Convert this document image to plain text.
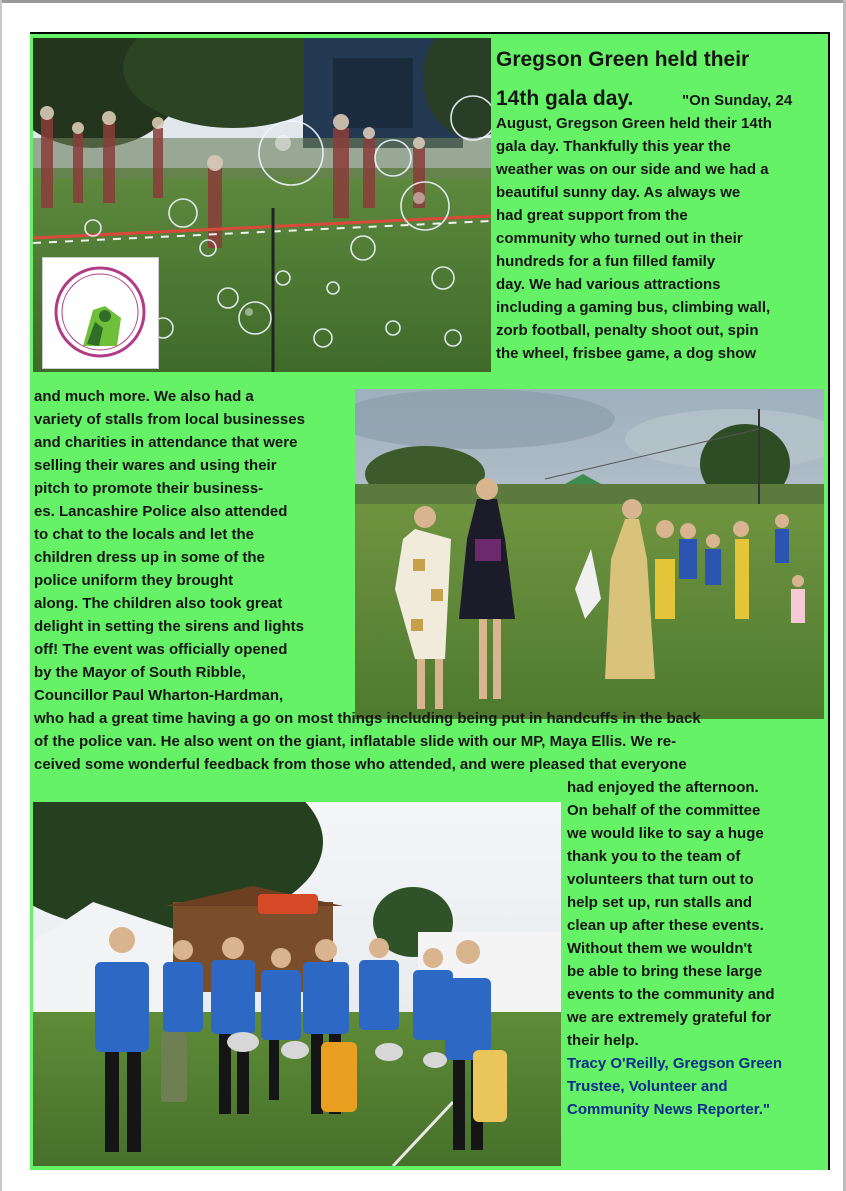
Gregson Green held their

14th gala day.	"On Sunday, 24

August, Gregson Green held their 14th

gala day. Thankfully this year the

weather was on our side and we had a

beautiful sunny day. As always we

had great support from the

community who turned out in their

hundreds for a fun filled family

day. We had various attractions

including a gaming bus, climbing wall,

zorb football, penalty shoot out, spin

the wheel, frisbee game, a dog show

and much more. We also had a

variety of stalls from local businesses

and charities in attendance that were

selling their wares and using their

pitch to promote their business-

es. Lancashire Police also attended

to chat to the locals and let the

children dress up in some of the

police uniform they brought

along. The children also took great

delight in setting the sirens and lights

off! The event was officially opened

by the Mayor of South Ribble,

Councillor Paul Wharton-Hardman,

who had a great time having a go on most things including being put in handcuffs in the back

of the police van. He also went on the giant, inflatable slide with our MP, Maya Ellis. We re-

ceived some wonderful feedback from those who attended, and were pleased that everyone

had enjoyed the afternoon.

On behalf of the committee

we would like to say a huge

thank you to the team of

volunteers that turn out to

help set up, run stalls and

clean up after these events.

Without them we wouldn't

be able to bring these large

events to the community and

we are extremely grateful for

their help.

Tracy O'Reilly, Gregson Green

Trustee, Volunteer and

Community News Reporter."
